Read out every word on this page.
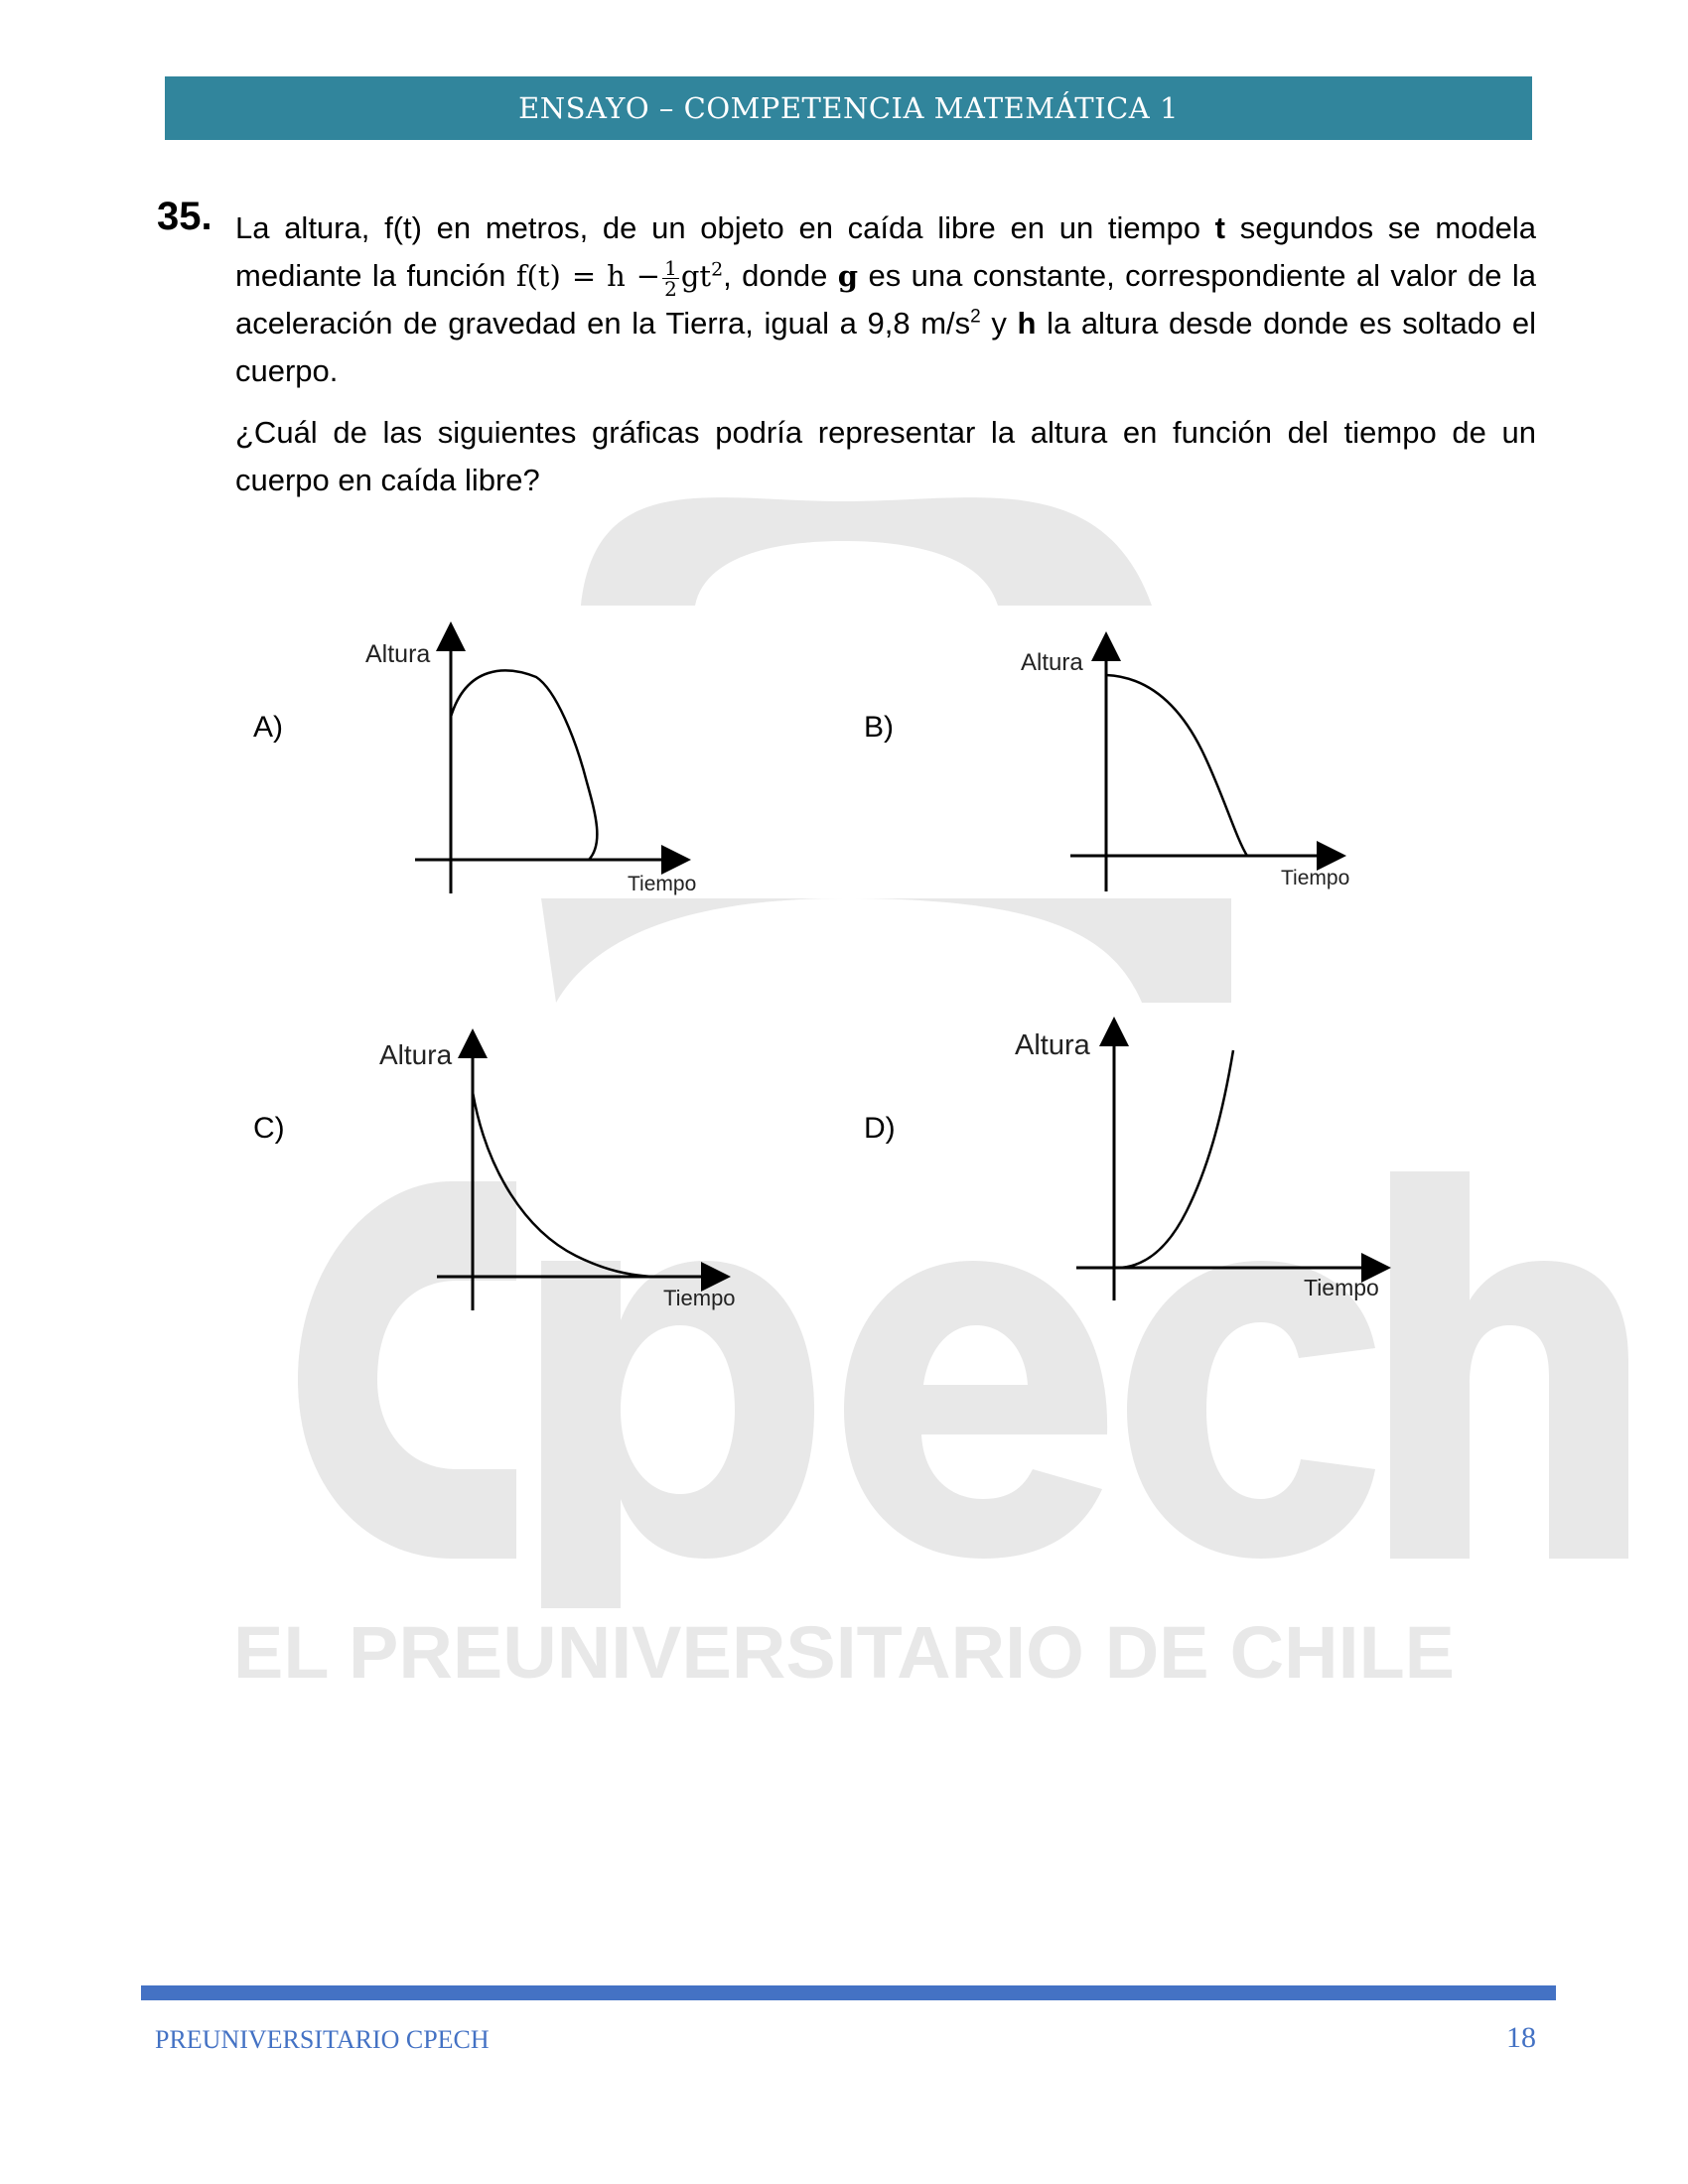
EL PREUNIVERSITARIO DE CHILE
ENSAYO – COMPETENCIA MATEMÁTICA 1
35. La altura, f(t) en metros, de un objeto en caída libre en un tiempo t segundos se modela mediante la función $f(t) = h - \frac{1}{2} gt^2$, donde g es una constante, correspondiente al valor de la aceleración de gravedad en la Tierra, igual a 9,8 $m/s^2$ y h la altura desde donde es soltado el cuerpo.

¿Cuál de las siguientes gráficas podría representar la altura en función del tiempo de un cuerpo en caída libre?

A)	B)
C)	D)
Altura
Tiempo
Altura
Tiempo
Altura
Tiempo
Altura
Tiempo
PREUNIVERSITARIO CPECH	18
